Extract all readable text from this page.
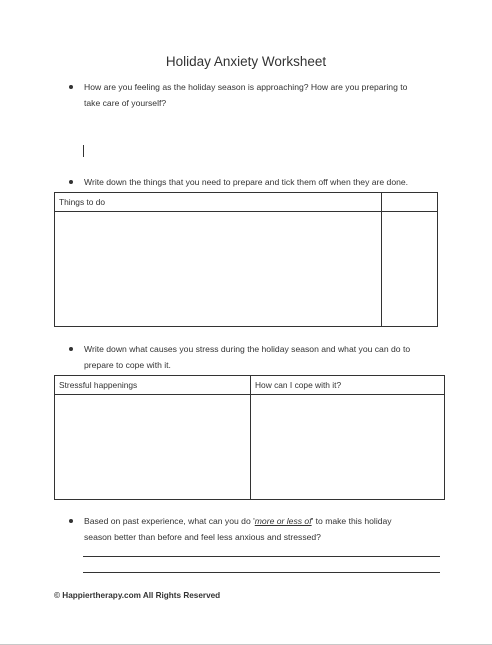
Holiday Anxiety Worksheet
How are you feeling as the holiday season is approaching? How are you preparing to
take care of yourself?
Write down the things that you need to prepare and tick them off when they are done.
Things to do	

Write down what causes you stress during the holiday season and what you can do to
prepare to cope with it.
Stressful happenings	How can I cope with it?

Based on past experience, what can you do 'more or less of' to make this holiday
season better than before and feel less anxious and stressed?
© Happiertherapy.com All Rights Reserved
